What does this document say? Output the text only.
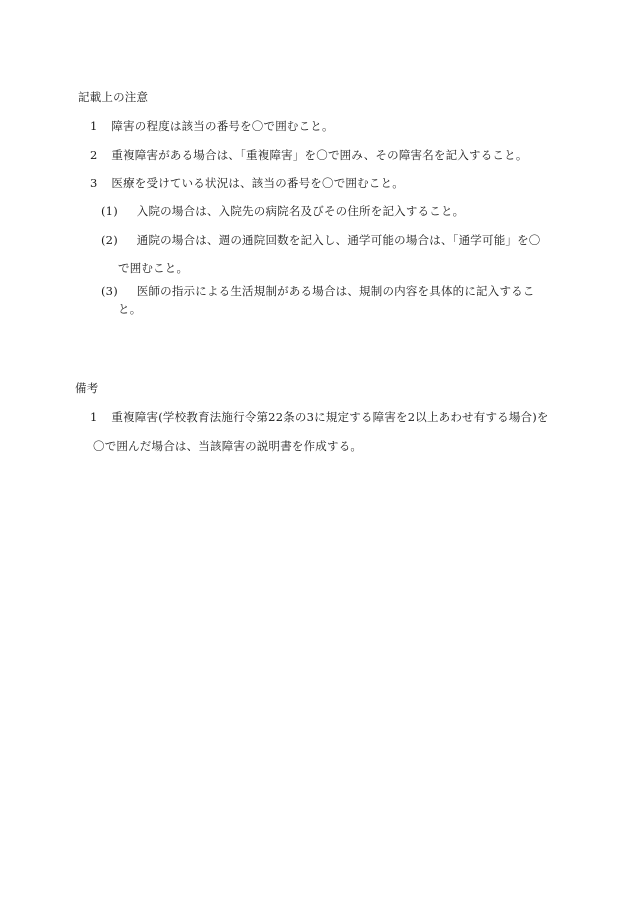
記載上の注意
1 障害の程度は該当の番号を〇で囲むこと。
2 重複障害がある場合は、「重複障害」を〇で囲み、その障害名を記入すること。
3 医療を受けている状況は、該当の番号を〇で囲むこと。
(1) 入院の場合は、入院先の病院名及びその住所を記入すること。
(2) 通院の場合は、週の通院回数を記入し、通学可能の場合は、「通学可能」を〇
で囲むこと。
(3) 医師の指示による生活規制がある場合は、規制の内容を具体的に記入するこ
と。
備考
1 重複障害(学校教育法施行令第22条の3に規定する障害を2以上あわせ有する場合)を
〇で囲んだ場合は、当該障害の説明書を作成する。
